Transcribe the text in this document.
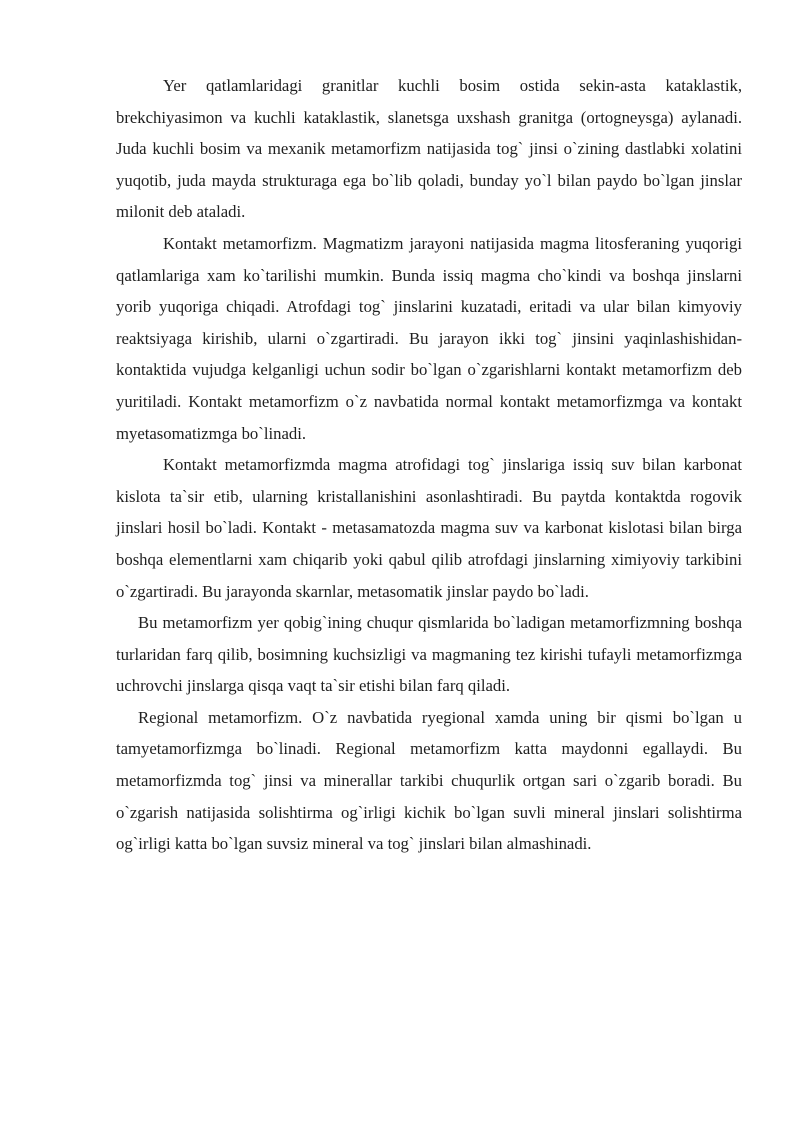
Yer qatlamlaridagi granitlar kuchli bosim ostida sekin-asta kataklastik, brekchiyasimon va kuchli kataklastik, slanetsga uxshash granitga (ortogneysga) aylanadi. Juda kuchli bosim va mexanik metamorfizm natijasida tog` jinsi o`zining dastlabki xolatini yuqotib, juda mayda strukturaga ega bo`lib qoladi, bunday yo`l bilan paydo bo`lgan jinslar milonit deb ataladi.

Kontakt metamorfizm. Magmatizm jarayoni natijasida magma litosferaning yuqorigi qatlamlariga xam ko`tarilishi mumkin. Bunda issiq magma cho`kindi va boshqa jinslarni yorib yuqoriga chiqadi. Atrofdagi tog` jinslarini kuzatadi, eritadi va ular bilan kimyoviy reaktsiyaga kirishib, ularni o`zgartiradi. Bu jarayon ikki tog` jinsini yaqinlashishidan-kontaktida vujudga kelganligi uchun sodir bo`lgan o`zgarishlarni kontakt metamorfizm deb yuritiladi. Kontakt metamorfizm o`z navbatida normal kontakt metamorfizmga va kontakt myetasomatizmga bo`linadi.

Kontakt metamorfizmda magma atrofidagi tog` jinslariga issiq suv bilan karbonat kislota ta`sir etib, ularning kristallanishini asonlashtiradi. Bu paytda kontaktda rogovik jinslari hosil bo`ladi. Kontakt - metasamatozda magma suv va karbonat kislotasi bilan birga boshqa elementlarni xam chiqarib yoki qabul qilib atrofdagi jinslarning ximiyoviy tarkibini o`zgartiradi. Bu jarayonda skarnlar, metasomatik jinslar paydo bo`ladi.

Bu metamorfizm yer qobig`ining chuqur qismlarida bo`ladigan metamorfizmning boshqa turlaridan farq qilib, bosimning kuchsizligi va magmaning tez kirishi tufayli metamorfizmga uchrovchi jinslarga qisqa vaqt ta`sir etishi bilan farq qiladi.

Regional metamorfizm. O`z navbatida ryegional xamda uning bir qismi bo`lgan u tamyetamorfizmga bo`linadi. Regional metamorfizm katta maydonni egallaydi. Bu metamorfizmda tog` jinsi va minerallar tarkibi chuqurlik ortgan sari o`zgarib boradi. Bu o`zgarish natijasida solishtirma og`irligi kichik bo`lgan suvli mineral jinslari solishtirma og`irligi katta bo`lgan suvsiz mineral va tog` jinslari bilan almashinadi.
